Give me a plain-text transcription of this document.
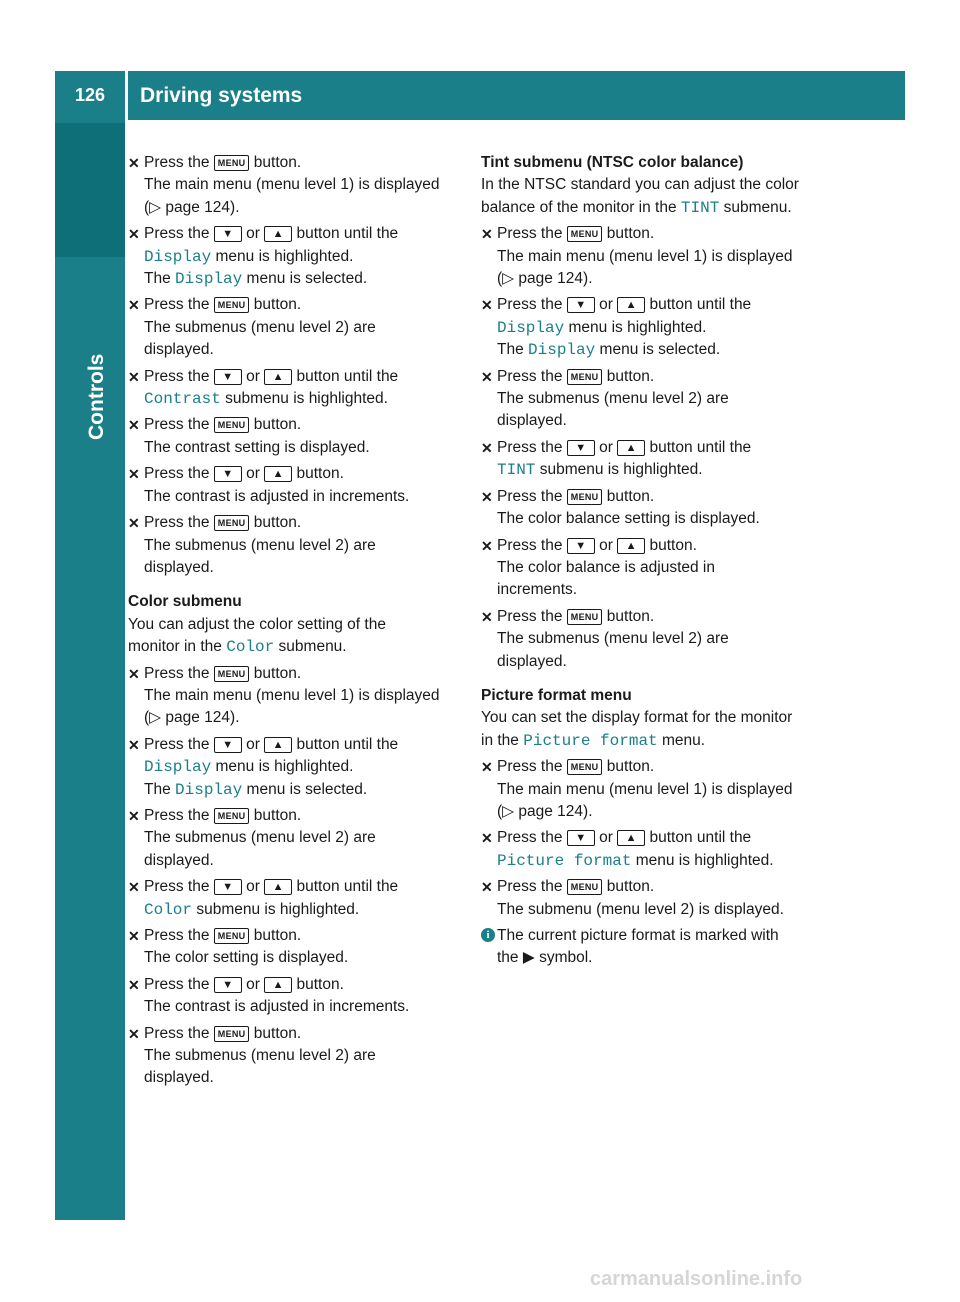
126	Driving systems
Controls
✕ Press the MENU button.
The main menu (menu level 1) is displayed
(▷ page 124).
✕ Press the ▼ or ▲ button until the
Display menu is highlighted.
The Display menu is selected.
✕ Press the MENU button.
The submenus (menu level 2) are
displayed.
✕ Press the ▼ or ▲ button until the
Contrast submenu is highlighted.
✕ Press the MENU button.
The contrast setting is displayed.
✕ Press the ▼ or ▲ button.
The contrast is adjusted in increments.
✕ Press the MENU button.
The submenus (menu level 2) are
displayed.
Color submenu
You can adjust the color setting of the
monitor in the Color submenu.
✕ Press the MENU button.
The main menu (menu level 1) is displayed
(▷ page 124).
✕ Press the ▼ or ▲ button until the
Display menu is highlighted.
The Display menu is selected.
✕ Press the MENU button.
The submenus (menu level 2) are
displayed.
✕ Press the ▼ or ▲ button until the
Color submenu is highlighted.
✕ Press the MENU button.
The color setting is displayed.
✕ Press the ▼ or ▲ button.
The contrast is adjusted in increments.
✕ Press the MENU button.
The submenus (menu level 2) are
displayed.
Tint submenu (NTSC color balance)
In the NTSC standard you can adjust the color
balance of the monitor in the TINT submenu.
✕ Press the MENU button.
The main menu (menu level 1) is displayed
(▷ page 124).
✕ Press the ▼ or ▲ button until the
Display menu is highlighted.
The Display menu is selected.
✕ Press the MENU button.
The submenus (menu level 2) are
displayed.
✕ Press the ▼ or ▲ button until the
TINT submenu is highlighted.
✕ Press the MENU button.
The color balance setting is displayed.
✕ Press the ▼ or ▲ button.
The color balance is adjusted in
increments.
✕ Press the MENU button.
The submenus (menu level 2) are
displayed.
Picture format menu
You can set the display format for the monitor
in the Picture format menu.
✕ Press the MENU button.
The main menu (menu level 1) is displayed
(▷ page 124).
✕ Press the ▼ or ▲ button until the
Picture format menu is highlighted.
✕ Press the MENU button.
The submenu (menu level 2) is displayed.
i The current picture format is marked with
the ▶ symbol.
carmanualsonline.info
